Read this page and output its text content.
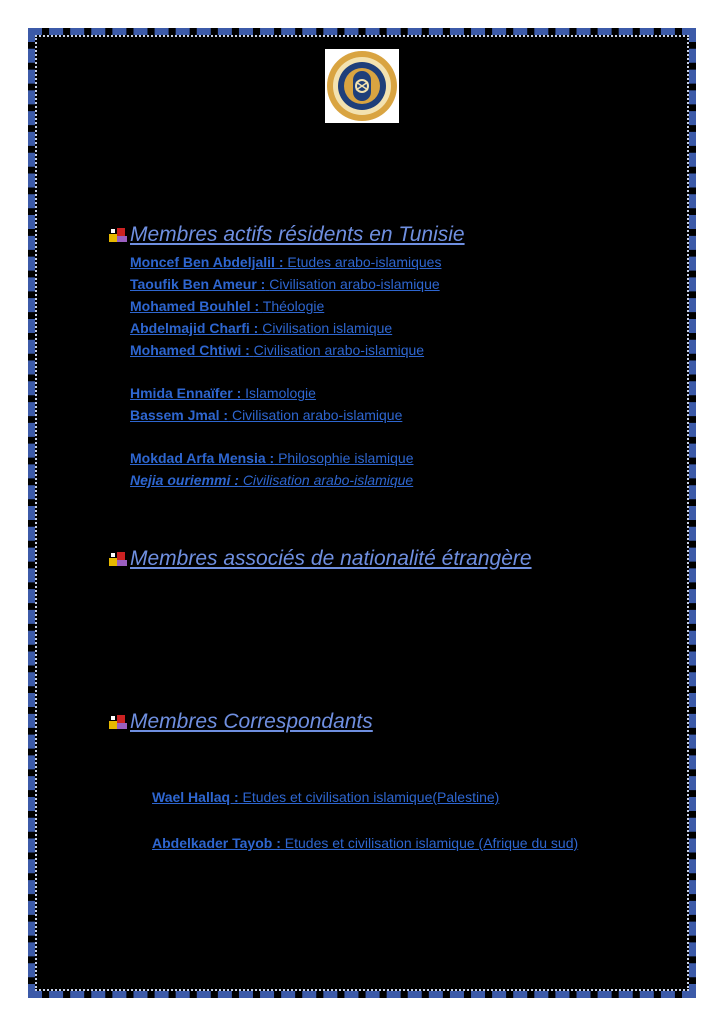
Membres actifs résidents en Tunisie
Moncef Ben Abdeljalil : Etudes arabo-islamiques
Taoufik Ben Ameur : Civilisation arabo-islamique
Mohamed Bouhlel : Théologie
Abdelmajid Charfi : Civilisation islamique
Mohamed Chtiwi : Civilisation arabo-islamique
Hmida Ennaïfer : Islamologie
Bassem Jmal : Civilisation arabo-islamique
Mokdad Arfa Mensia : Philosophie islamique
Nejia ouriemmi : Civilisation arabo-islamique
Membres associés de nationalité étrangère
Membres Correspondants
Wael Hallaq : Etudes et civilisation islamique(Palestine)
Abdelkader Tayob : Etudes et civilisation islamique (Afrique du sud)
